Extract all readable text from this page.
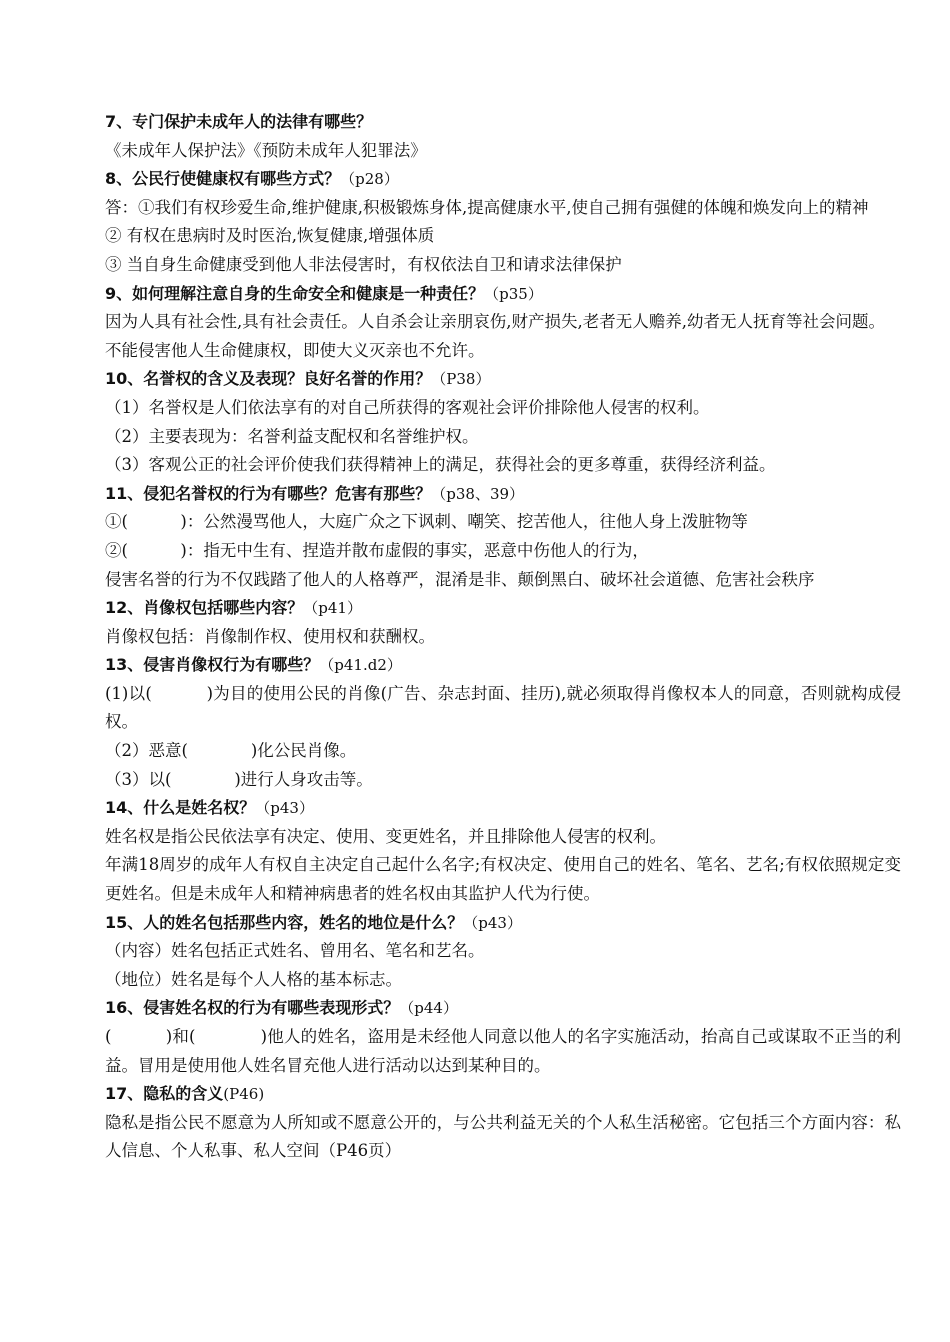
7、专门保护未成年人的法律有哪些？
《未成年人保护法》《预防未成年人犯罪法》
8、公民行使健康权有哪些方式？（p28）
答：①我们有权珍爱生命,维护健康,积极锻炼身体,提高健康水平,使自己拥有强健的体魄和焕发向上的精神
② 有权在患病时及时医治,恢复健康,增强体质
③ 当自身生命健康受到他人非法侵害时，有权依法自卫和请求法律保护
9、如何理解注意自身的生命安全和健康是一种责任？（p35）
因为人具有社会性,具有社会责任。人自杀会让亲朋哀伤,财产损失,老者无人赡养,幼者无人抚育等社会问题。
不能侵害他人生命健康权，即使大义灭亲也不允许。
10、名誉权的含义及表现？良好名誉的作用？（P38）
（1）名誉权是人们依法享有的对自己所获得的客观社会评价排除他人侵害的权利。
（2）主要表现为：名誉利益支配权和名誉维护权。
（3）客观公正的社会评价使我们获得精神上的满足，获得社会的更多尊重，获得经济利益。
11、侵犯名誉权的行为有哪些？危害有那些？（p38、39）
①(          )：公然漫骂他人，大庭广众之下讽刺、嘲笑、挖苦他人，往他人身上泼脏物等
②(          )：指无中生有、捏造并散布虚假的事实，恶意中伤他人的行为，
侵害名誉的行为不仅践踏了他人的人格尊严，混淆是非、颠倒黑白、破坏社会道德、危害社会秩序
12、肖像权包括哪些内容？（p41）
肖像权包括：肖像制作权、使用权和获酬权。
13、侵害肖像权行为有哪些？（p41.d2）
(1)以(          )为目的使用公民的肖像(广告、杂志封面、挂历),就必须取得肖像权本人的同意，否则就构成侵权。
（2）恶意(            )化公民肖像。
（3）以(            )进行人身攻击等。
14、什么是姓名权？（p43）
姓名权是指公民依法享有决定、使用、变更姓名，并且排除他人侵害的权利。
年满18周岁的成年人有权自主决定自己起什么名字;有权决定、使用自己的姓名、笔名、艺名;有权依照规定变更姓名。但是未成年人和精神病患者的姓名权由其监护人代为行使。
15、人的姓名包括那些内容，姓名的地位是什么？（p43）
（内容）姓名包括正式姓名、曾用名、笔名和艺名。
（地位）姓名是每个人人格的基本标志。
16、侵害姓名权的行为有哪些表现形式？（p44）
(          )和(            )他人的姓名，盗用是未经他人同意以他人的名字实施活动，抬高自己或谋取不正当的利益。冒用是使用他人姓名冒充他人进行活动以达到某种目的。
17、隐私的含义(P46)
隐私是指公民不愿意为人所知或不愿意公开的，与公共利益无关的个人私生活秘密。它包括三个方面内容：私人信息、个人私事、私人空间（P46页）
